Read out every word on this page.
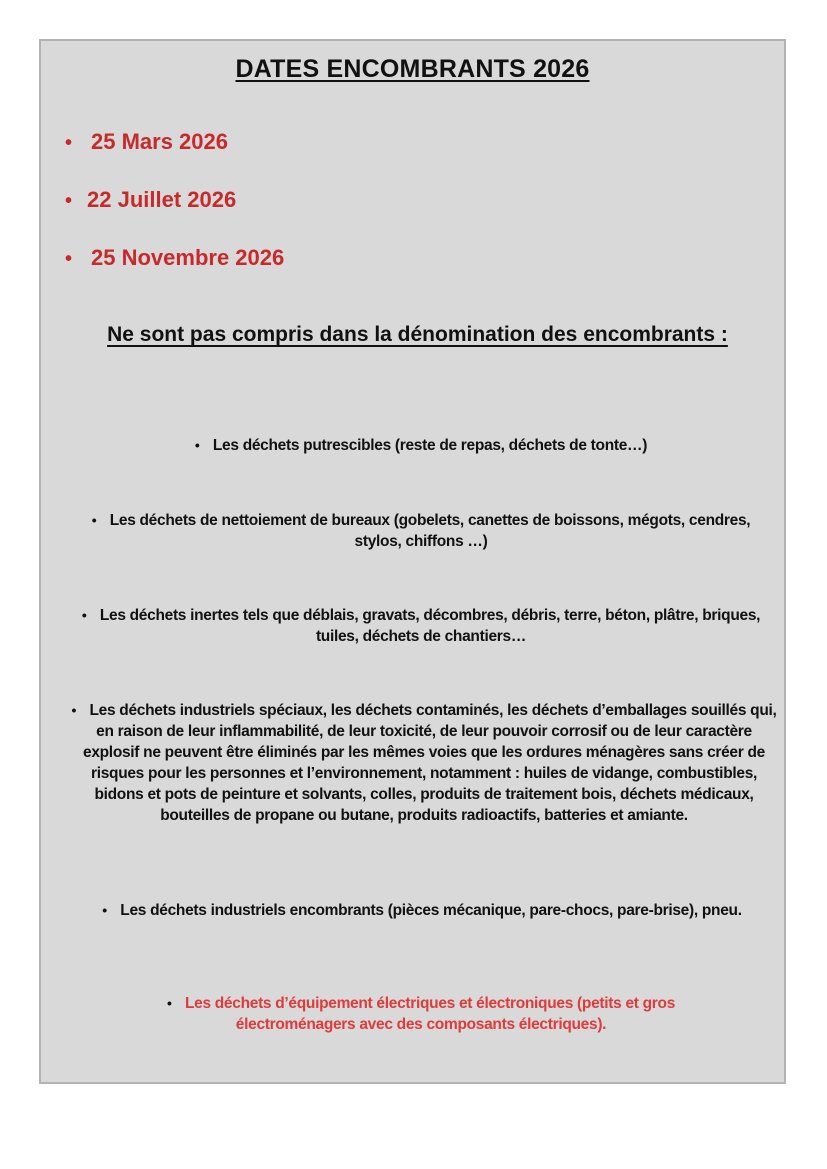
DATES ENCOMBRANTS 2026
• 25 Mars 2026
• 22 Juillet 2026
• 25 Novembre 2026
Ne sont pas compris dans la dénomination des encombrants :
• Les déchets putrescibles (reste de repas, déchets de tonte…)
• Les déchets de nettoiement de bureaux (gobelets, canettes de boissons, mégots, cendres, stylos, chiffons …)
• Les déchets inertes tels que déblais, gravats, décombres, débris, terre, béton, plâtre, briques, tuiles, déchets de chantiers…
• Les déchets industriels spéciaux, les déchets contaminés, les déchets d’emballages souillés qui, en raison de leur inflammabilité, de leur toxicité, de leur pouvoir corrosif ou de leur caractère explosif ne peuvent être éliminés par les mêmes voies que les ordures ménagères sans créer de risques pour les personnes et l’environnement, notamment : huiles de vidange, combustibles, bidons et pots de peinture et solvants, colles, produits de traitement bois, déchets médicaux, bouteilles de propane ou butane, produits radioactifs, batteries et amiante.
• Les déchets industriels encombrants (pièces mécanique, pare-chocs, pare-brise), pneu.
• Les déchets d’équipement électriques et électroniques (petits et gros électroménagers avec des composants électriques).
